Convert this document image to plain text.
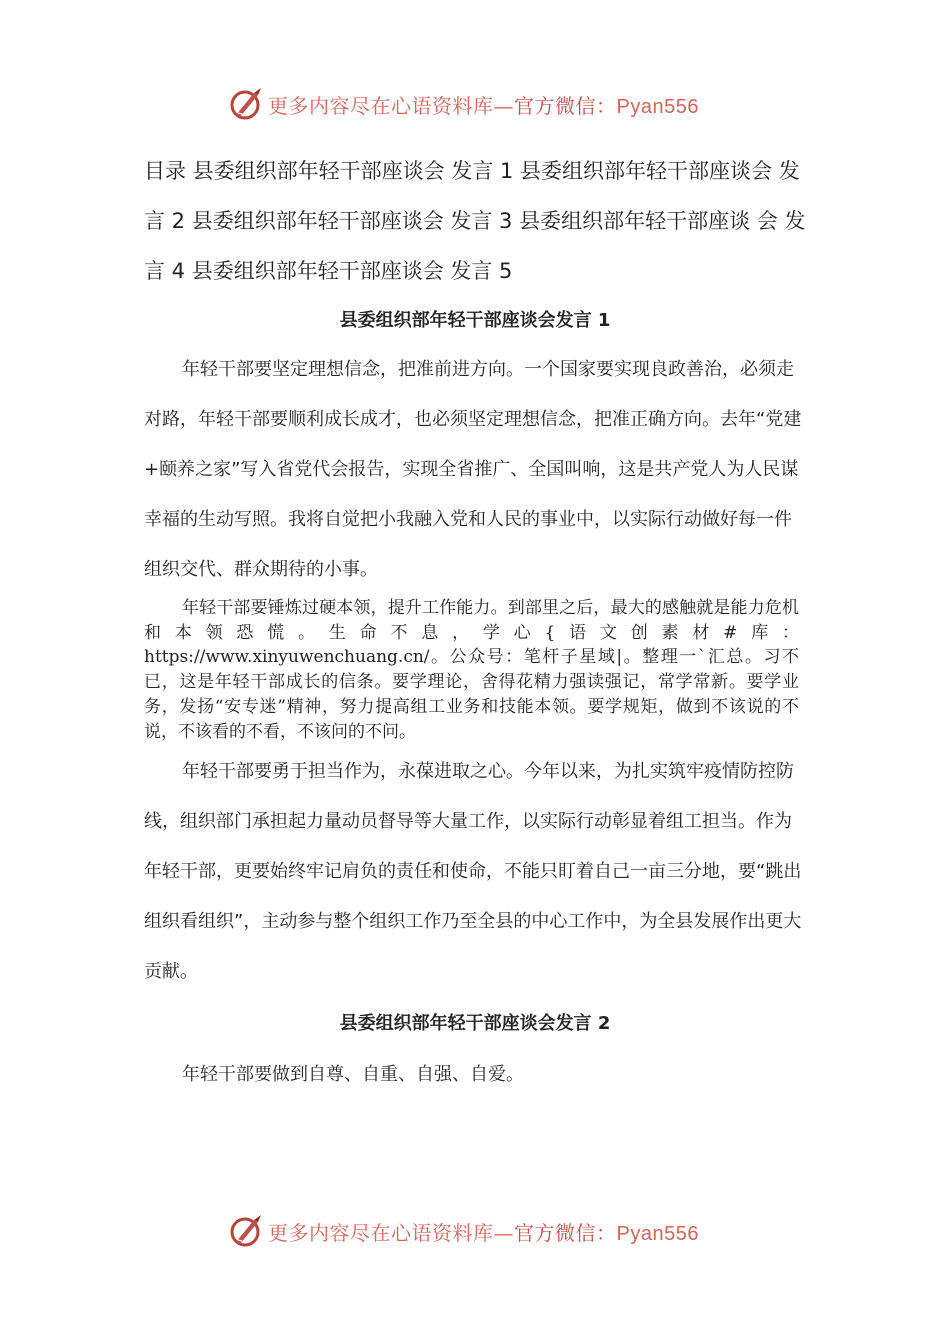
更多内容尽在心语资料库—官方微信：Pyan556
目录 县委组织部年轻干部座谈会 发言 1 县委组织部年轻干部座谈会 发言 2 县委组织部年轻干部座谈会 发言 3 县委组织部年轻干部座谈 会 发言 4 县委组织部年轻干部座谈会 发言 5
县委组织部年轻干部座谈会发言 1
年轻干部要坚定理想信念，把准前进方向。一个国家要实现良政善治，必须走对路，年轻干部要顺利成长成才，也必须坚定理想信念，把准正确方向。去年“党建+颐养之家”写入省党代会报告，实现全省推广、全国叫响，这是共产党人为人民谋幸福的生动写照。我将自觉把小我融入党和人民的事业中，以实际行动做好每一件组织交代、群众期待的小事。
年轻干部要锤炼过硬本领，提升工作能力。到部里之后，最大的感触就是能力危机和本领恐慌。生命不息，学心{语文创素材#库：https://www.xinyuwenchuang.cn/。公众号：笔杆子星域|。整理一`汇总。习不已，这是年轻干部成长的信条。要学理论，舍得花精力强读强记，常学常新。要学业务，发扬“安专迷”精神，努力提高组工业务和技能本领。要学规矩，做到不该说的不说，不该看的不看，不该问的不问。
年轻干部要勇于担当作为，永葆进取之心。今年以来，为扎实筑牢疫情防控防线，组织部门承担起力量动员督导等大量工作，以实际行动彰显着组工担当。作为年轻干部，更要始终牢记肩负的责任和使命，不能只盯着自己一亩三分地，要“跳出组织看组织”，主动参与整个组织工作乃至全县的中心工作中，为全县发展作出更大贡献。
县委组织部年轻干部座谈会发言 2
年轻干部要做到自尊、自重、自强、自爱。
更多内容尽在心语资料库—官方微信：Pyan556
